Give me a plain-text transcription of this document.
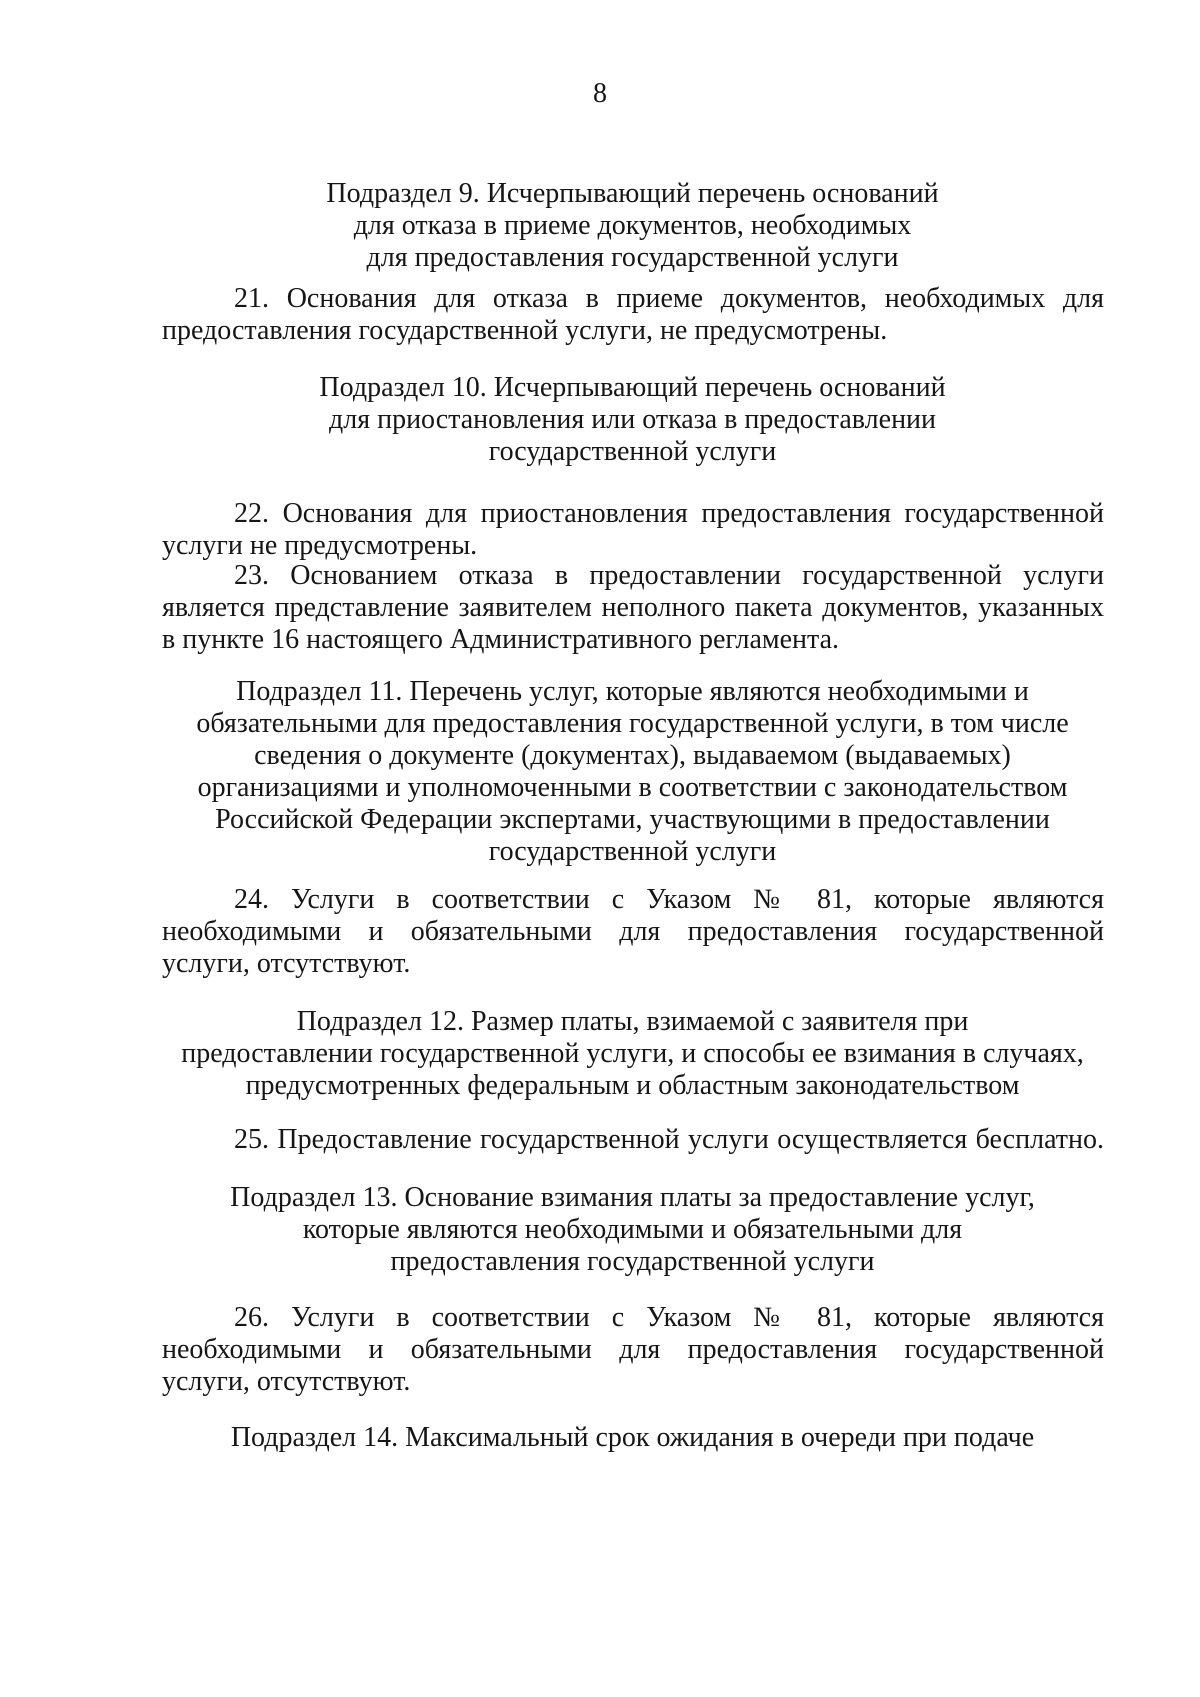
8
Подраздел 9. Исчерпывающий перечень оснований
для отказа в приеме документов, необходимых
для предоставления государственной услуги
21. Основания для отказа в приеме документов, необходимых для
предоставления государственной услуги, не предусмотрены.
Подраздел 10. Исчерпывающий перечень оснований
для приостановления или отказа в предоставлении
государственной услуги
22. Основания для приостановления предоставления государственной
услуги не предусмотрены.
23. Основанием отказа в предоставлении государственной услуги
является представление заявителем неполного пакета документов, указанных
в пункте 16 настоящего Административного регламента.
Подраздел 11. Перечень услуг, которые являются необходимыми и
обязательными для предоставления государственной услуги, в том числе
сведения о документе (документах), выдаваемом (выдаваемых)
организациями и уполномоченными в соответствии с законодательством
Российской Федерации экспертами, участвующими в предоставлении
государственной услуги
24. Услуги в соответствии с Указом № 81, которые являются
необходимыми и обязательными для предоставления государственной
услуги, отсутствуют.
Подраздел 12. Размер платы, взимаемой с заявителя при
предоставлении государственной услуги, и способы ее взимания в случаях,
предусмотренных федеральным и областным законодательством
25. Предоставление государственной услуги осуществляется бесплатно.
Подраздел 13. Основание взимания платы за предоставление услуг,
которые являются необходимыми и обязательными для
предоставления государственной услуги
26. Услуги в соответствии с Указом № 81, которые являются
необходимыми и обязательными для предоставления государственной
услуги, отсутствуют.
Подраздел 14. Максимальный срок ожидания в очереди при подаче
